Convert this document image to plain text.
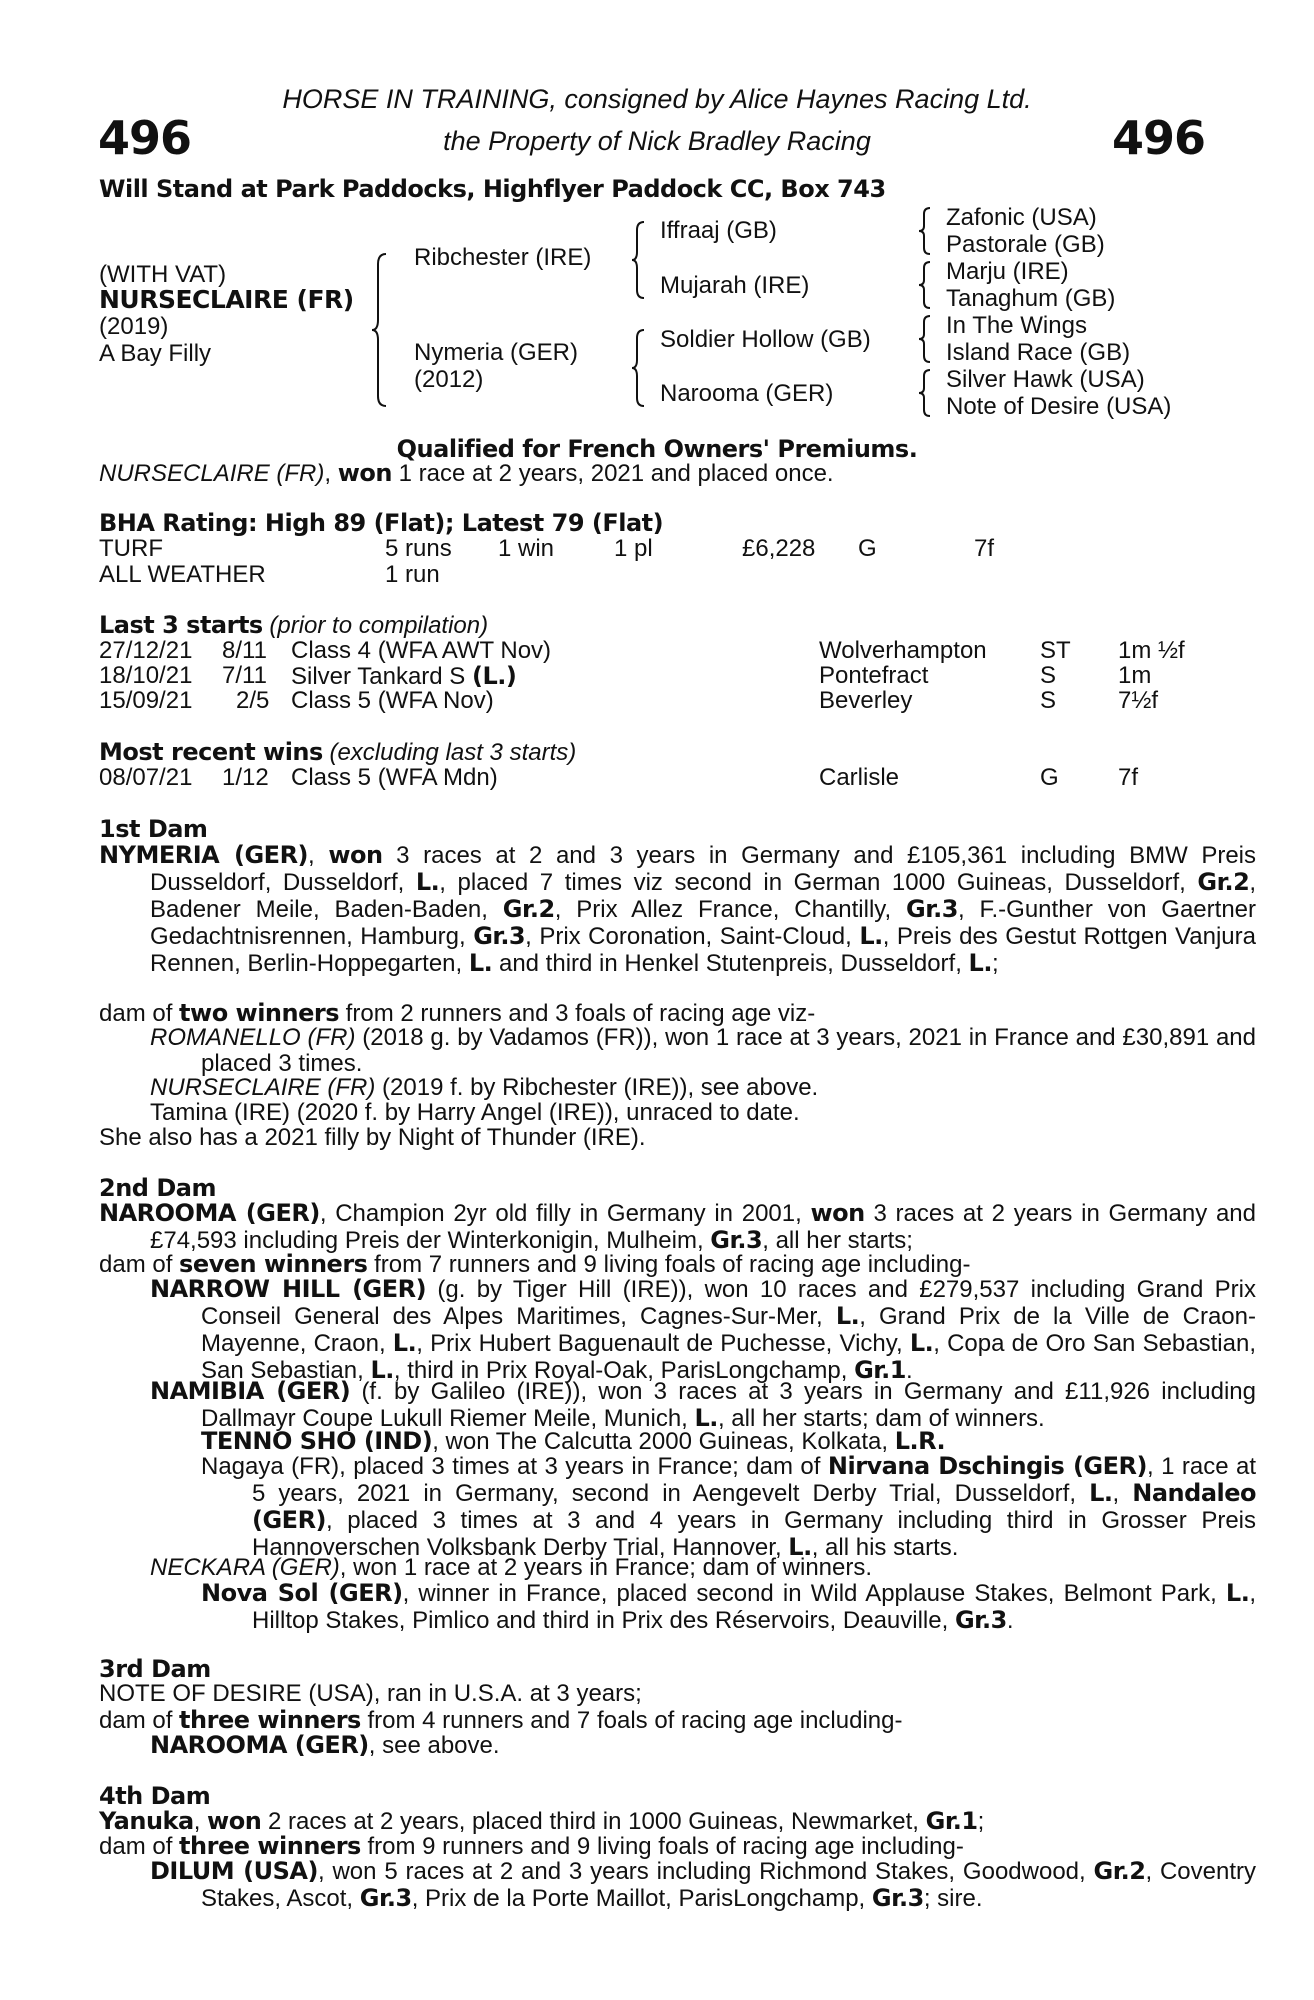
496	496
HORSE IN TRAINING, consigned by Alice Haynes Racing Ltd.
the Property of Nick Bradley Racing
Will Stand at Park Paddocks, Highflyer Paddock CC, Box 743
(WITH VAT)
NURSECLAIRE (FR)
(2019)
A Bay Filly
Ribchester (IRE)
Nymeria (GER)
(2012)
Iffraaj (GB)
Mujarah (IRE)
Soldier Hollow (GB)
Narooma (GER)
Zafonic (USA)
Pastorale (GB)
Marju (IRE)
Tanaghum (GB)
In The Wings
Island Race (GB)
Silver Hawk (USA)
Note of Desire (USA)
Qualified for French Owners' Premiums.
NURSECLAIRE (FR), won 1 race at 2 years, 2021 and placed once.
BHA Rating: High 89 (Flat); Latest 79 (Flat)
TURF	5 runs 1 win 1 pl	£6,228 G	7f
ALL WEATHER	1 run
Last 3 starts (prior to compilation)
27/12/21 8/11 Class 4 (WFA AWT Nov)	Wolverhampton ST 1m ½f
18/10/21 7/11 Silver Tankard S (L.)	Pontefract	S	1m
15/09/21 2/5 Class 5 (WFA Nov)	Beverley	S	7½f
Most recent wins (excluding last 3 starts)
08/07/21 1/12 Class 5 (WFA Mdn)	Carlisle	G 7f
1st Dam
NYMERIA (GER), won 3 races at 2 and 3 years in Germany and £105,361 including BMW Preis Dusseldorf, Dusseldorf, L., placed 7 times viz second in German 1000 Guineas, Dusseldorf, Gr.2, Badener Meile, Baden-Baden, Gr.2, Prix Allez France, Chantilly, Gr.3, F.-Gunther von Gaertner Gedachtnisrennen, Hamburg, Gr.3, Prix Coronation, Saint-Cloud, L., Preis des Gestut Rottgen Vanjura Rennen, Berlin-Hoppegarten, L. and third in Henkel Stutenpreis, Dusseldorf, L.;
dam of two winners from 2 runners and 3 foals of racing age viz-
ROMANELLO (FR) (2018 g. by Vadamos (FR)), won 1 race at 3 years, 2021 in France and £30,891 and placed 3 times.
NURSECLAIRE (FR) (2019 f. by Ribchester (IRE)), see above.
Tamina (IRE) (2020 f. by Harry Angel (IRE)), unraced to date.
She also has a 2021 filly by Night of Thunder (IRE).
2nd Dam
NAROOMA (GER), Champion 2yr old filly in Germany in 2001, won 3 races at 2 years in Germany and £74,593 including Preis der Winterkonigin, Mulheim, Gr.3, all her starts;
dam of seven winners from 7 runners and 9 living foals of racing age including-
NARROW HILL (GER) (g. by Tiger Hill (IRE)), won 10 races and £279,537 including Grand Prix Conseil General des Alpes Maritimes, Cagnes-Sur-Mer, L., Grand Prix de la Ville de Craon-Mayenne, Craon, L., Prix Hubert Baguenault de Puchesse, Vichy, L., Copa de Oro San Sebastian, San Sebastian, L., third in Prix Royal-Oak, ParisLongchamp, Gr.1.
NAMIBIA (GER) (f. by Galileo (IRE)), won 3 races at 3 years in Germany and £11,926 including Dallmayr Coupe Lukull Riemer Meile, Munich, L., all her starts; dam of winners.
TENNO SHO (IND), won The Calcutta 2000 Guineas, Kolkata, L.R.
Nagaya (FR), placed 3 times at 3 years in France; dam of Nirvana Dschingis (GER), 1 race at 5 years, 2021 in Germany, second in Aengevelt Derby Trial, Dusseldorf, L., Nandaleo (GER), placed 3 times at 3 and 4 years in Germany including third in Grosser Preis Hannoverschen Volksbank Derby Trial, Hannover, L., all his starts.
NECKARA (GER), won 1 race at 2 years in France; dam of winners.
Nova Sol (GER), winner in France, placed second in Wild Applause Stakes, Belmont Park, L., Hilltop Stakes, Pimlico and third in Prix des Réservoirs, Deauville, Gr.3.
3rd Dam
NOTE OF DESIRE (USA), ran in U.S.A. at 3 years;
dam of three winners from 4 runners and 7 foals of racing age including-
NAROOMA (GER), see above.
4th Dam
Yanuka, won 2 races at 2 years, placed third in 1000 Guineas, Newmarket, Gr.1;
dam of three winners from 9 runners and 9 living foals of racing age including-
DILUM (USA), won 5 races at 2 and 3 years including Richmond Stakes, Goodwood, Gr.2, Coventry Stakes, Ascot, Gr.3, Prix de la Porte Maillot, ParisLongchamp, Gr.3; sire.
